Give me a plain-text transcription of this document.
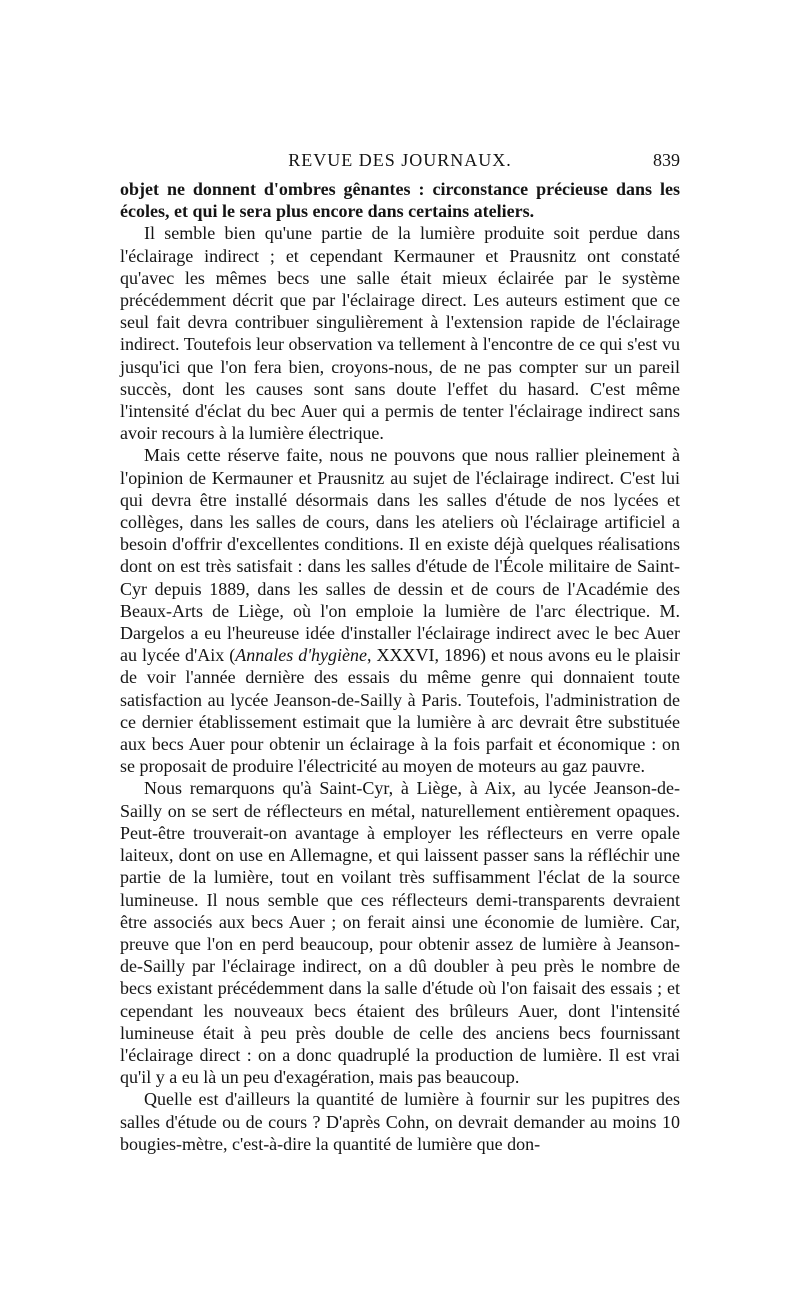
REVUE DES JOURNAUX.	839

objet ne donnent d'ombres gênantes : circonstance précieuse dans les écoles, et qui le sera plus encore dans certains ateliers.

Il semble bien qu'une partie de la lumière produite soit perdue dans l'éclairage indirect ; et cependant Kermauner et Prausnitz ont constaté qu'avec les mêmes becs une salle était mieux éclairée par le système précédemment décrit que par l'éclairage direct. Les auteurs estiment que ce seul fait devra contribuer singulièrement à l'extension rapide de l'éclairage indirect. Toutefois leur observation va tellement à l'encontre de ce qui s'est vu jusqu'ici que l'on fera bien, croyons-nous, de ne pas compter sur un pareil succès, dont les causes sont sans doute l'effet du hasard. C'est même l'intensité d'éclat du bec Auer qui a permis de tenter l'éclairage indirect sans avoir recours à la lumière électrique.

Mais cette réserve faite, nous ne pouvons que nous rallier pleinement à l'opinion de Kermauner et Prausnitz au sujet de l'éclairage indirect. C'est lui qui devra être installé désormais dans les salles d'étude de nos lycées et collèges, dans les salles de cours, dans les ateliers où l'éclairage artificiel a besoin d'offrir d'excellentes conditions. Il en existe déjà quelques réalisations dont on est très satisfait : dans les salles d'étude de l'École militaire de Saint-Cyr depuis 1889, dans les salles de dessin et de cours de l'Académie des Beaux-Arts de Liège, où l'on emploie la lumière de l'arc électrique. M. Dargelos a eu l'heureuse idée d'installer l'éclairage indirect avec le bec Auer au lycée d'Aix (Annales d'hygiène, XXXVI, 1896) et nous avons eu le plaisir de voir l'année dernière des essais du même genre qui donnaient toute satisfaction au lycée Jeanson-de-Sailly à Paris. Toutefois, l'administration de ce dernier établissement estimait que la lumière à arc devrait être substituée aux becs Auer pour obtenir un éclairage à la fois parfait et économique : on se proposait de produire l'électricité au moyen de moteurs au gaz pauvre.

Nous remarquons qu'à Saint-Cyr, à Liège, à Aix, au lycée Jeanson-de-Sailly on se sert de réflecteurs en métal, naturellement entièrement opaques. Peut-être trouverait-on avantage à employer les réflecteurs en verre opale laiteux, dont on use en Allemagne, et qui laissent passer sans la réfléchir une partie de la lumière, tout en voilant très suffisamment l'éclat de la source lumineuse. Il nous semble que ces réflecteurs demi-transparents devraient être associés aux becs Auer ; on ferait ainsi une économie de lumière. Car, preuve que l'on en perd beaucoup, pour obtenir assez de lumière à Jeanson-de-Sailly par l'éclairage indirect, on a dû doubler à peu près le nombre de becs existant précédemment dans la salle d'étude où l'on faisait des essais ; et cependant les nouveaux becs étaient des brûleurs Auer, dont l'intensité lumineuse était à peu près double de celle des anciens becs fournissant l'éclairage direct : on a donc quadruplé la production de lumière. Il est vrai qu'il y a eu là un peu d'exagération, mais pas beaucoup.

Quelle est d'ailleurs la quantité de lumière à fournir sur les pupitres des salles d'étude ou de cours ? D'après Cohn, on devrait demander au moins 10 bougies-mètre, c'est-à-dire la quantité de lumière que don-
